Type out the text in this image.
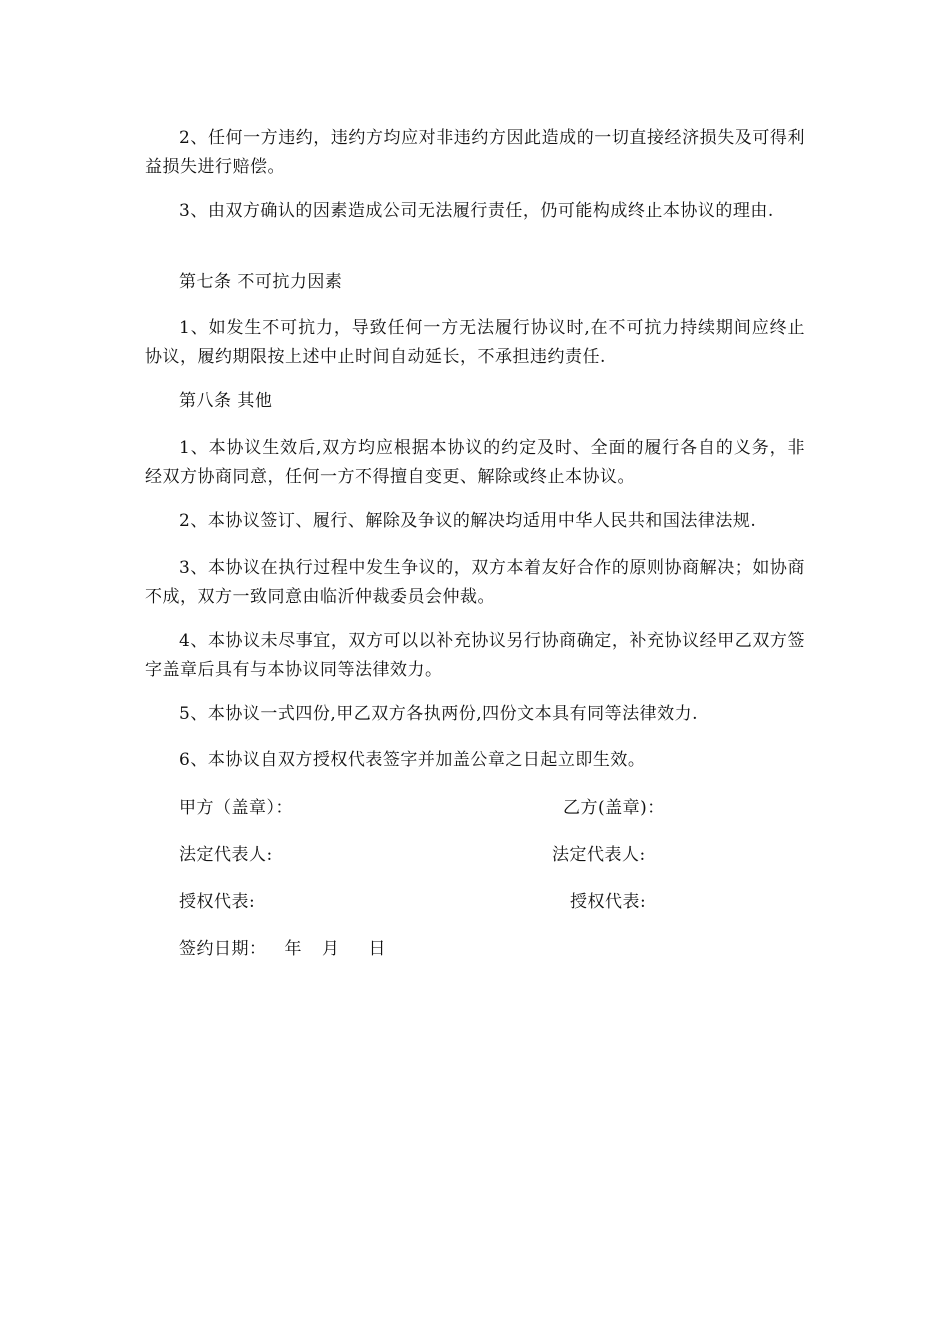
2、任何一方违约，违约方均应对非违约方因此造成的一切直接经济损失及可得利益损失进行赔偿。

3、由双方确认的因素造成公司无法履行责任，仍可能构成终止本协议的理由.

第七条 不可抗力因素

1、如发生不可抗力，导致任何一方无法履行协议时,在不可抗力持续期间应终止协议，履约期限按上述中止时间自动延长，不承担违约责任.

第八条 其他

1、本协议生效后,双方均应根据本协议的约定及时、全面的履行各自的义务，非经双方协商同意，任何一方不得擅自变更、解除或终止本协议。

2、本协议签订、履行、解除及争议的解决均适用中华人民共和国法律法规.

3、本协议在执行过程中发生争议的，双方本着友好合作的原则协商解决；如协商不成，双方一致同意由临沂仲裁委员会仲裁。

4、本协议未尽事宜，双方可以以补充协议另行协商确定，补充协议经甲乙双方签字盖章后具有与本协议同等法律效力。

5、本协议一式四份,甲乙双方各执两份,四份文本具有同等法律效力.

6、本协议自双方授权代表签字并加盖公章之日起立即生效。

甲方（盖章）：	乙方(盖章)：

法定代表人:	法定代表人:

授权代表:	授权代表:

签约日期： 年 月 日
